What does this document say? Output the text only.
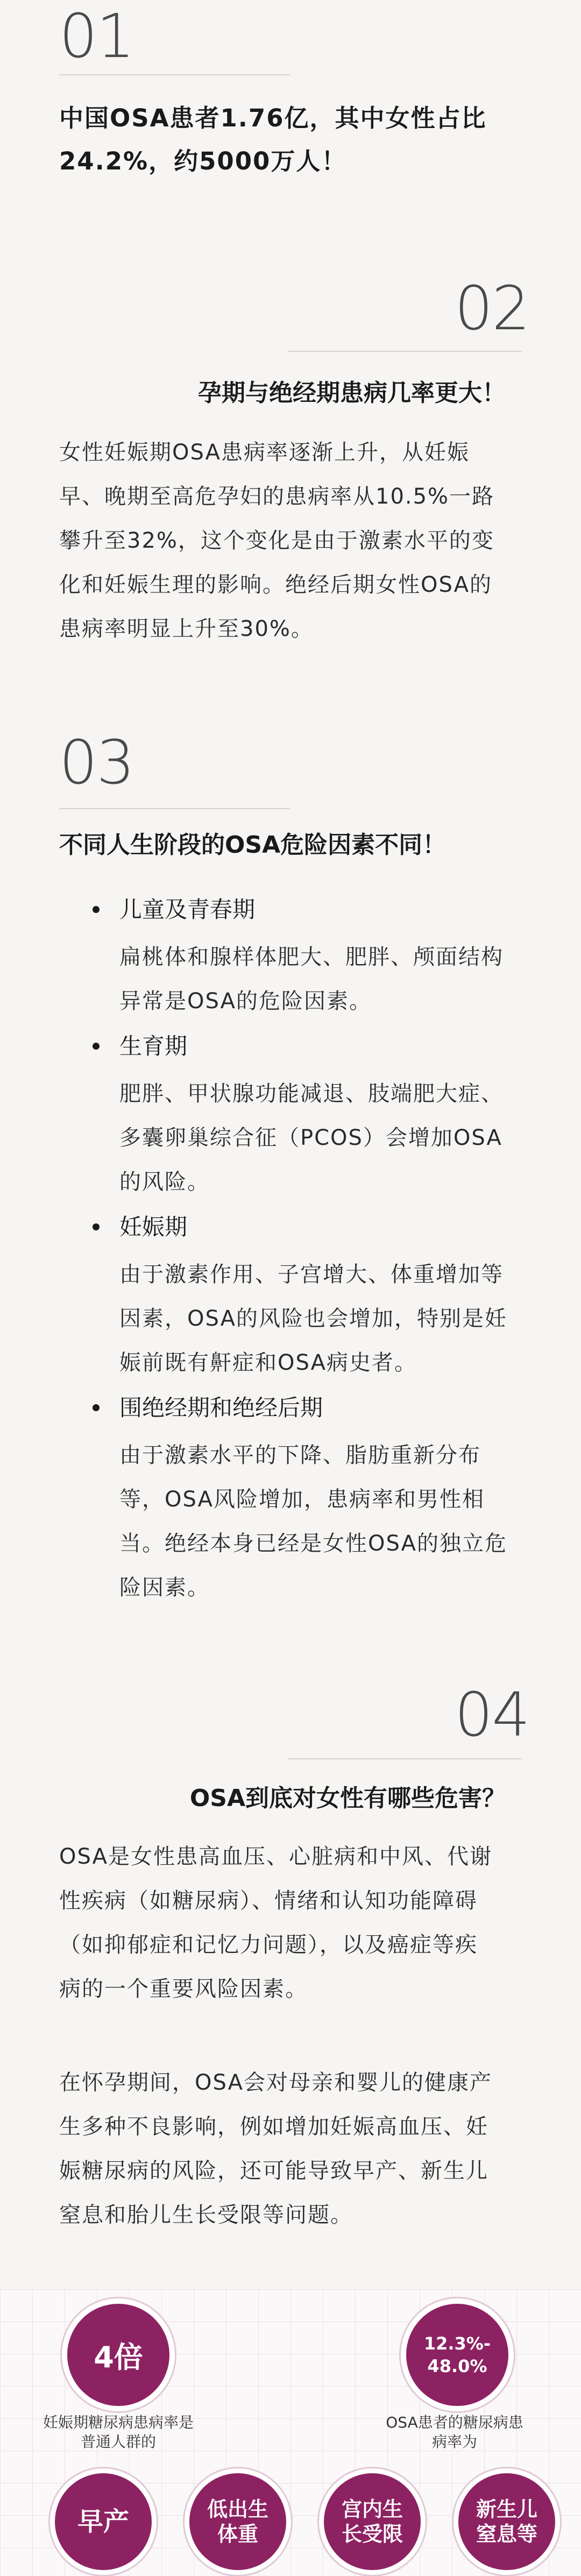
01
中国OSA患者1.76亿，其中女性占比
24.2%，约5000万人！
02
孕期与绝经期患病几率更大！
女性妊娠期OSA患病率逐渐上升，从妊娠
早、晚期至高危孕妇的患病率从10.5%一路
攀升至32%，这个变化是由于激素水平的变
化和妊娠生理的影响。绝经后期女性OSA的
患病率明显上升至30%。
03
不同人生阶段的OSA危险因素不同！
儿童及青春期
扁桃体和腺样体肥大、肥胖、颅面结构
异常是OSA的危险因素。
生育期
肥胖、甲状腺功能减退、肢端肥大症、
多囊卵巢综合征（PCOS）会增加OSA
的风险。
妊娠期
由于激素作用、子宫增大、体重增加等
因素，OSA的风险也会增加，特别是妊
娠前既有鼾症和OSA病史者。
围绝经期和绝经后期
由于激素水平的下降、脂肪重新分布
等，OSA风险增加，患病率和男性相
当。绝经本身已经是女性OSA的独立危
险因素。
04
OSA到底对女性有哪些危害？
OSA是女性患高血压、心脏病和中风、代谢
性疾病（如糖尿病）、情绪和认知功能障碍
（如抑郁症和记忆力问题），以及癌症等疾
病的一个重要风险因素。
在怀孕期间，OSA会对母亲和婴儿的健康产
生多种不良影响，例如增加妊娠高血压、妊
娠糖尿病的风险，还可能导致早产、新生儿
窒息和胎儿生长受限等问题。
4倍
妊娠期糖尿病患病率是
普通人群的
12.3%-
48.0%
OSA患者的糖尿病患
病率为
早产	低出生
体重
宫内生
长受限
新生儿
窒息等
